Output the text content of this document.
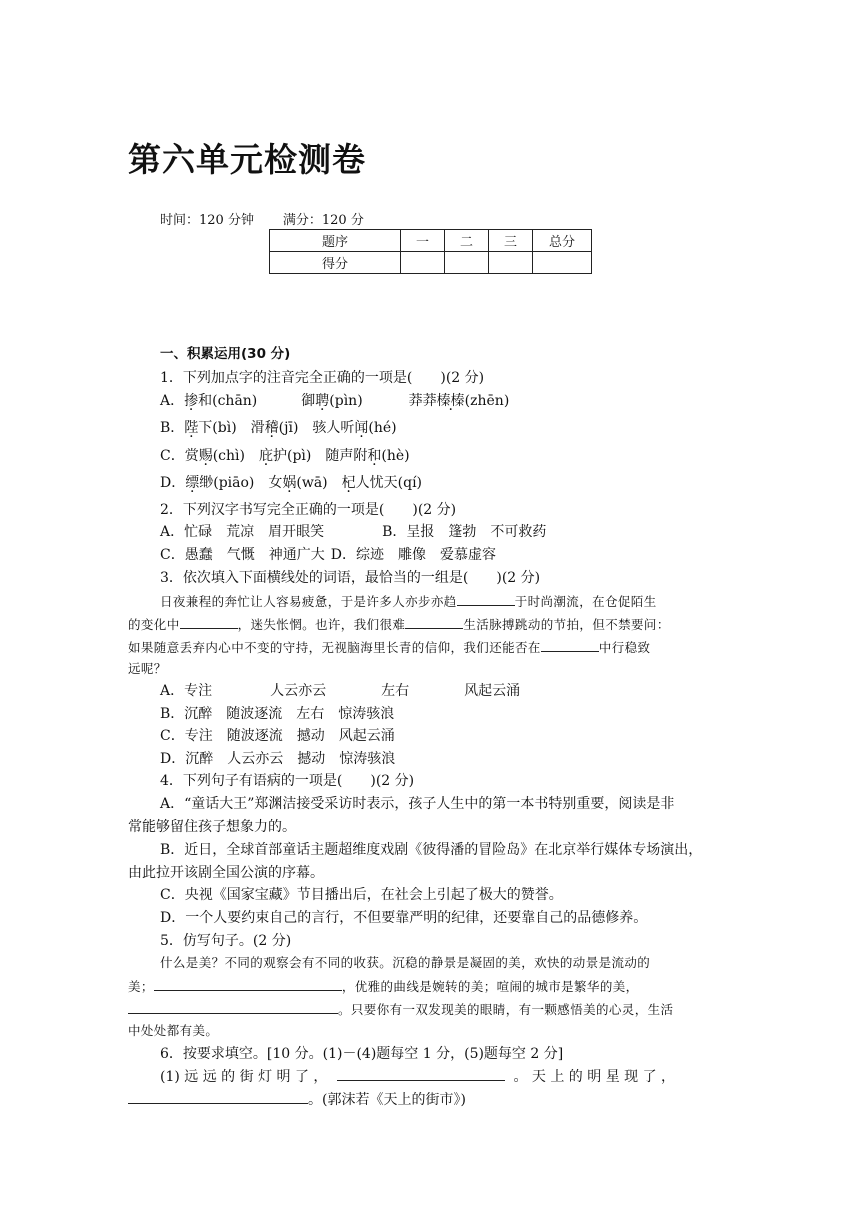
第六单元检测卷
时间：120 分钟 满分：120 分
题序	一	二	三	总分
得分				
一、积累运用(30 分)
1．下列加点字的注音完全正确的一项是(　　)(2 分)
A．掺和(chān)	御聘(pìn)	莽莽榛榛(zhēn)
B．陛下(bì) 滑稽(jī) 骇人听闻(hé)
C．赏赐(chì) 庇护(pì) 随声附和(hè)
D．缥缈(piāo) 女娲(wā) 杞人忧天(qí)
2．下列汉字书写完全正确的一项是(　　)(2 分)
A．忙碌　荒凉　眉开眼笑	B．呈报　篷勃　不可救药
C．愚蠢　气慨　神通广大 D．综迹　雕像　爱慕虚容
3．依次填入下面横线处的词语，最恰当的一组是(　　)(2 分)
日夜兼程的奔忙让人容易疲惫，于是许多人亦步亦趋	于时尚潮流，在仓促陌生
的变化中	，迷失怅惘。也许，我们很难	生活脉搏跳动的节拍，但不禁要问：
如果随意丢弃内心中不变的守持，无视脑海里长青的信仰，我们还能否在	中行稳致
远呢？
A．专注	人云亦云	左右	风起云涌
B．沉醉　随波逐流　左右　惊涛骇浪
C．专注　随波逐流　撼动　风起云涌
D．沉醉　人云亦云　撼动　惊涛骇浪
4．下列句子有语病的一项是(　　)(2 分)
A．“童话大王”郑渊洁接受采访时表示，孩子人生中的第一本书特别重要，阅读是非
常能够留住孩子想象力的。
B．近日，全球首部童话主题超维度戏剧《彼得潘的冒险岛》在北京举行媒体专场演出，
由此拉开该剧全国公演的序幕。
C．央视《国家宝藏》节目播出后，在社会上引起了极大的赞誉。
D．一个人要约束自己的言行，不但要靠严明的纪律，还要靠自己的品德修养。
5．仿写句子。(2 分)
什么是美？不同的观察会有不同的收获。沉稳的静景是凝固的美，欢快的动景是流动的
美；	，优雅的曲线是婉转的美；喧闹的城市是繁华的美，
。只要你有一双发现美的眼睛，有一颗感悟美的心灵，生活
中处处都有美。
6．按要求填空。[10 分。(1)－(4)题每空 1 分，(5)题每空 2 分]
(1) 远 远 的 街 灯 明 了 ，	。 天 上 的 明 星 现 了 ，
。(郭沫若《天上的街市》)
